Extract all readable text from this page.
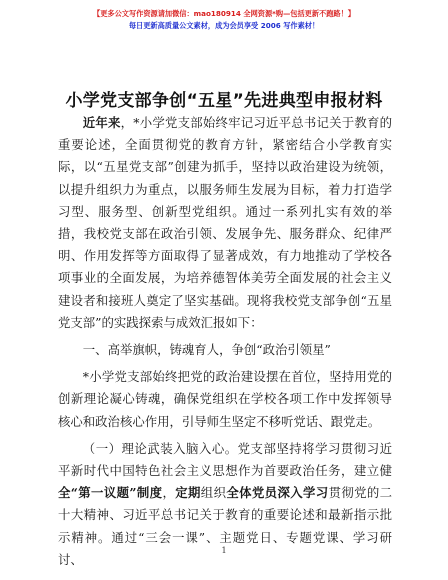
【更多公文写作资源请加微信：mao180914 全网资源*购—包括更新不跑路！】
每日更新高质量公文素材，成为会员享受 2006 写作素材！
小学党支部争创“五星”先进典型申报材料

近年来，*小学党支部始终牢记习近平总书记关于教育的重要论述，全面贯彻党的教育方针，紧密结合小学教育实际，以“五星党支部”创建为抓手，坚持以政治建设为统领，以提升组织力为重点，以服务师生发展为目标，着力打造学习型、服务型、创新型党组织。通过一系列扎实有效的举措，我校党支部在政治引领、发展争先、服务群众、纪律严明、作用发挥等方面取得了显著成效，有力地推动了学校各项事业的全面发展，为培养德智体美劳全面发展的社会主义建设者和接班人奠定了坚实基础。现将我校党支部争创“五星党支部”的实践探索与成效汇报如下：

一、高举旗帜，铸魂育人，争创“政治引领星”

*小学党支部始终把党的政治建设摆在首位，坚持用党的创新理论凝心铸魂，确保党组织在学校各项工作中发挥领导核心和政治核心作用，引导师生坚定不移听党话、跟党走。

（一）理论武装入脑入心。党支部坚持将学习贯彻习近平新时代中国特色社会主义思想作为首要政治任务，建立健全“第一议题”制度，定期组织全体党员深入学习贯彻党的二十大精神、习近平总书记关于教育的重要论述和最新指示批示精神。通过“三会一课”、主题党日、专题党课、学习研讨、

1
